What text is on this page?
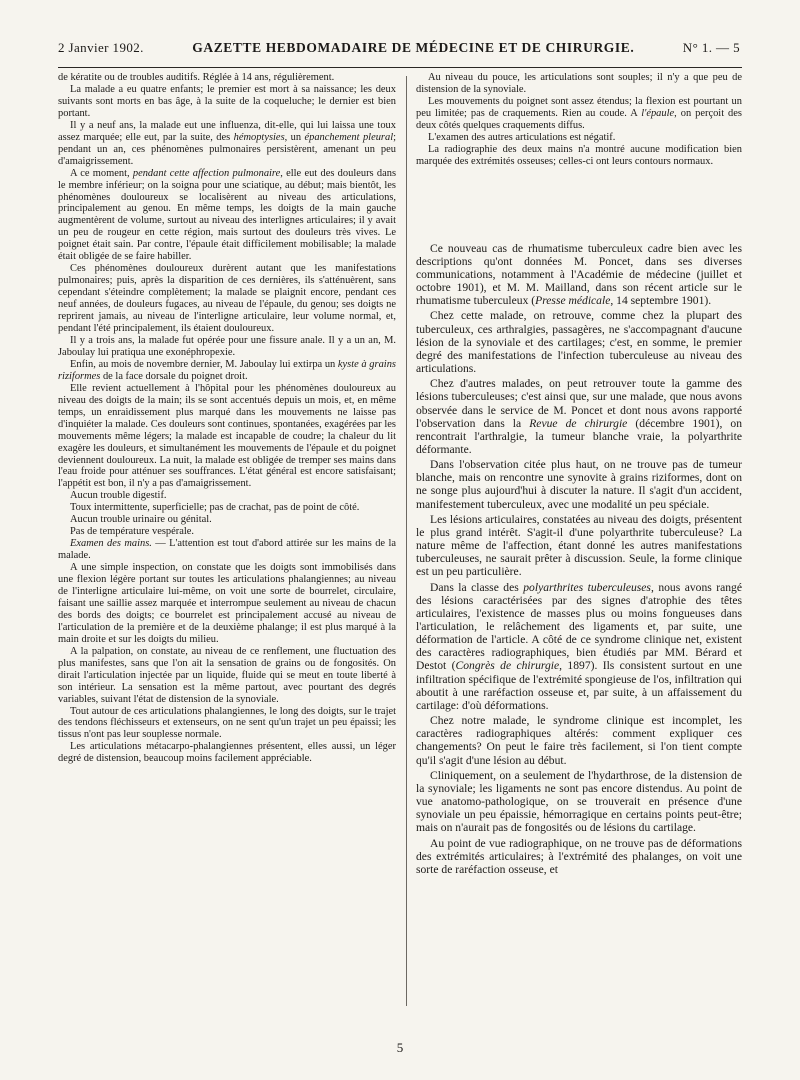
2 Janvier 1902.	GAZETTE HEBDOMADAIRE DE MÉDECINE ET DE CHIRURGIE.	N° 1. — 5

de kératite ou de troubles auditifs. Réglée à 14 ans, régulièrement.

La malade a eu quatre enfants; le premier est mort à sa naissance; les deux suivants sont morts en bas âge, à la suite de la coqueluche; le dernier est bien portant.

Il y a neuf ans, la malade eut une influenza, dit-elle, qui lui laissa une toux assez marquée; elle eut, par la suite, des hémoptysies, un épanchement pleural; pendant un an, ces phénomènes pulmonaires persistèrent, amenant un peu d'amaigrissement.

A ce moment, pendant cette affection pulmonaire, elle eut des douleurs dans le membre inférieur; on la soigna pour une sciatique, au début; mais bientôt, les phénomènes douloureux se localisèrent au niveau des articulations, principalement au genou. En même temps, les doigts de la main gauche augmentèrent de volume, surtout au niveau des interlignes articulaires; il y avait un peu de rougeur en cette région, mais surtout des douleurs très vives. Le poignet était sain. Par contre, l'épaule était difficilement mobilisable; la malade était obligée de se faire habiller.

Ces phénomènes douloureux durèrent autant que les manifestations pulmonaires; puis, après la disparition de ces dernières, ils s'atténuèrent, sans cependant s'éteindre complètement; la malade se plaignit encore, pendant ces neuf années, de douleurs fugaces, au niveau de l'épaule, du genou; ses doigts ne reprirent jamais, au niveau de l'interligne articulaire, leur volume normal, et, pendant l'été principalement, ils étaient douloureux.

Il y a trois ans, la malade fut opérée pour une fissure anale. Il y a un an, M. Jaboulay lui pratiqua une exonéphropexie.

Enfin, au mois de novembre dernier, M. Jaboulay lui extirpa un kyste à grains riziformes de la face dorsale du poignet droit.

Elle revient actuellement à l'hôpital pour les phénomènes douloureux au niveau des doigts de la main; ils se sont accentués depuis un mois, et, en même temps, un enraidissement plus marqué dans les mouvements ne laisse pas d'inquiéter la malade. Ces douleurs sont continues, spontanées, exagérées par les mouvements même légers; la malade est incapable de coudre; la chaleur du lit exagère les douleurs, et simultanément les mouvements de l'épaule et du poignet deviennent douloureux. La nuit, la malade est obligée de tremper ses mains dans l'eau froide pour atténuer ses souffrances. L'état général est encore satisfaisant; l'appétit est bon, il n'y a pas d'amaigrissement.

Aucun trouble digestif.

Toux intermittente, superficielle; pas de crachat, pas de point de côté.

Aucun trouble urinaire ou génital.

Pas de température vespérale.

Examen des mains. — L'attention est tout d'abord attirée sur les mains de la malade.

A une simple inspection, on constate que les doigts sont immobilisés dans une flexion légère portant sur toutes les articulations phalangiennes; au niveau de l'interligne articulaire lui-même, on voit une sorte de bourrelet, circulaire, faisant une saillie assez marquée et interrompue seulement au niveau de chacun des bords des doigts; ce bourrelet est principalement accusé au niveau de l'articulation de la première et de la deuxième phalange; il est plus marqué à la main droite et sur les doigts du milieu.

A la palpation, on constate, au niveau de ce renflement, une fluctuation des plus manifestes, sans que l'on ait la sensation de grains ou de fongosités. On dirait l'articulation injectée par un liquide, fluide qui se meut en toute liberté à son intérieur. La sensation est la même partout, avec pourtant des degrés variables, suivant l'état de distension de la synoviale.

Tout autour de ces articulations phalangiennes, le long des doigts, sur le trajet des tendons fléchisseurs et extenseurs, on ne sent qu'un trajet un peu épaissi; les tissus n'ont pas leur souplesse normale.

Les articulations métacarpo-phalangiennes présentent, elles aussi, un léger degré de distension, beaucoup moins facilement appréciable.

Au niveau du pouce, les articulations sont souples; il n'y a que peu de distension de la synoviale.

Les mouvements du poignet sont assez étendus; la flexion est pourtant un peu limitée; pas de craquements. Rien au coude. A l'épaule, on perçoit des deux côtés quelques craquements diffus.

L'examen des autres articulations est négatif.

La radiographie des deux mains n'a montré aucune modification bien marquée des extrémités osseuses; celles-ci ont leurs contours normaux.

Ce nouveau cas de rhumatisme tuberculeux cadre bien avec les descriptions qu'ont données M. Poncet, dans ses diverses communications, notamment à l'Académie de médecine (juillet et octobre 1901), et M. M. Mailland, dans son récent article sur le rhumatisme tuberculeux (Presse médicale, 14 septembre 1901).

Chez cette malade, on retrouve, comme chez la plupart des tuberculeux, ces arthralgies, passagères, ne s'accompagnant d'aucune lésion de la synoviale et des cartilages; c'est, en somme, le premier degré des manifestations de l'infection tuberculeuse au niveau des articulations.

Chez d'autres malades, on peut retrouver toute la gamme des lésions tuberculeuses; c'est ainsi que, sur une malade, que nous avons observée dans le service de M. Poncet et dont nous avons rapporté l'observation dans la Revue de chirurgie (décembre 1901), on rencontrait l'arthralgie, la tumeur blanche vraie, la polyarthrite déformante.

Dans l'observation citée plus haut, on ne trouve pas de tumeur blanche, mais on rencontre une synovite à grains riziformes, dont on ne songe plus aujourd'hui à discuter la nature. Il s'agit d'un accident, manifestement tuberculeux, avec une modalité un peu spéciale.

Les lésions articulaires, constatées au niveau des doigts, présentent le plus grand intérêt. S'agit-il d'une polyarthrite tuberculeuse? La nature même de l'affection, étant donné les autres manifestations tuberculeuses, ne saurait prêter à discussion. Seule, la forme clinique est un peu particulière.

Dans la classe des polyarthrites tuberculeuses, nous avons rangé des lésions caractérisées par des signes d'atrophie des têtes articulaires, l'existence de masses plus ou moins fongueuses dans l'articulation, le relâchement des ligaments et, par suite, une déformation de l'article. A côté de ce syndrome clinique net, existent des caractères radiographiques, bien étudiés par MM. Bérard et Destot (Congrès de chirurgie, 1897). Ils consistent surtout en une infiltration spécifique de l'extrémité spongieuse de l'os, infiltration qui aboutit à une raréfaction osseuse et, par suite, à un affaissement du cartilage: d'où déformations.

Chez notre malade, le syndrome clinique est incomplet, les caractères radiographiques altérés: comment expliquer ces changements? On peut le faire très facilement, si l'on tient compte qu'il s'agit d'une lésion au début.

Cliniquement, on a seulement de l'hydarthrose, de la distension de la synoviale; les ligaments ne sont pas encore distendus. Au point de vue anatomo-pathologique, on se trouverait en présence d'une synoviale un peu épaissie, hémorragique en certains points peut-être; mais on n'aurait pas de fongosités ou de lésions du cartilage.

Au point de vue radiographique, on ne trouve pas de déformations des extrémités articulaires; à l'extrémité des phalanges, on voit une sorte de raréfaction osseuse, et

5
